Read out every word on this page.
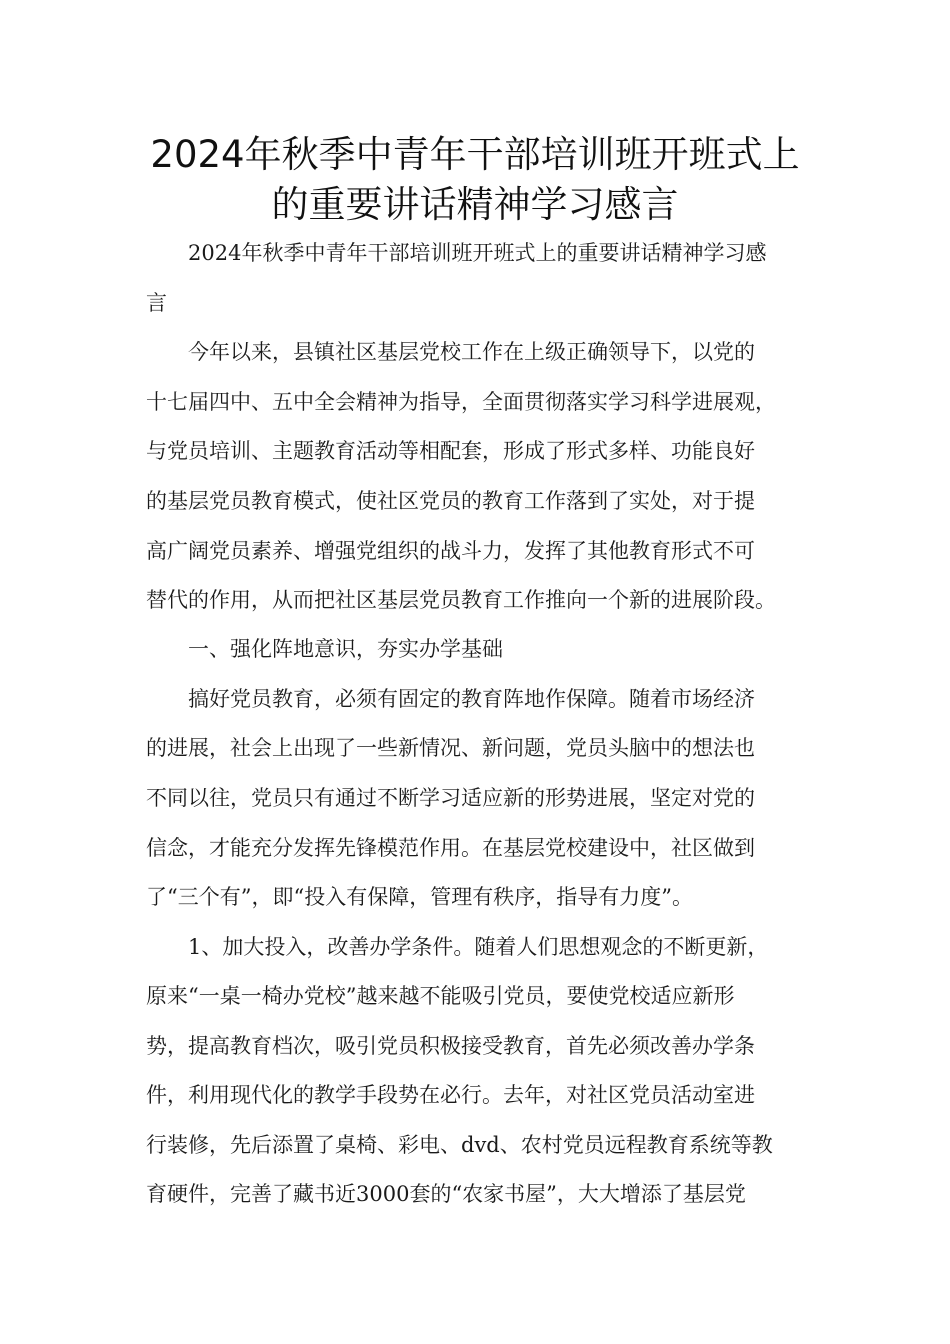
2024年秋季中青年干部培训班开班式上
的重要讲话精神学习感言

2024年秋季中青年干部培训班开班式上的重要讲话精神学习感

言

今年以来，县镇社区基层党校工作在上级正确领导下，以党的

十七届四中、五中全会精神为指导，全面贯彻落实学习科学进展观，

与党员培训、主题教育活动等相配套，形成了形式多样、功能良好

的基层党员教育模式，使社区党员的教育工作落到了实处，对于提

高广阔党员素养、增强党组织的战斗力，发挥了其他教育形式不可

替代的作用，从而把社区基层党员教育工作推向一个新的进展阶段。

一、强化阵地意识，夯实办学基础

搞好党员教育，必须有固定的教育阵地作保障。随着市场经济

的进展，社会上出现了一些新情况、新问题，党员头脑中的想法也

不同以往，党员只有通过不断学习适应新的形势进展，坚定对党的

信念，才能充分发挥先锋模范作用。在基层党校建设中，社区做到

了“三个有”，即“投入有保障，管理有秩序，指导有力度”。

1、加大投入，改善办学条件。随着人们思想观念的不断更新，

原来“一桌一椅办党校”越来越不能吸引党员，要使党校适应新形

势，提高教育档次，吸引党员积极接受教育，首先必须改善办学条

件，利用现代化的教学手段势在必行。去年，对社区党员活动室进

行装修，先后添置了桌椅、彩电、dvd、农村党员远程教育系统等教

育硬件，完善了藏书近3000套的“农家书屋”，大大增添了基层党
